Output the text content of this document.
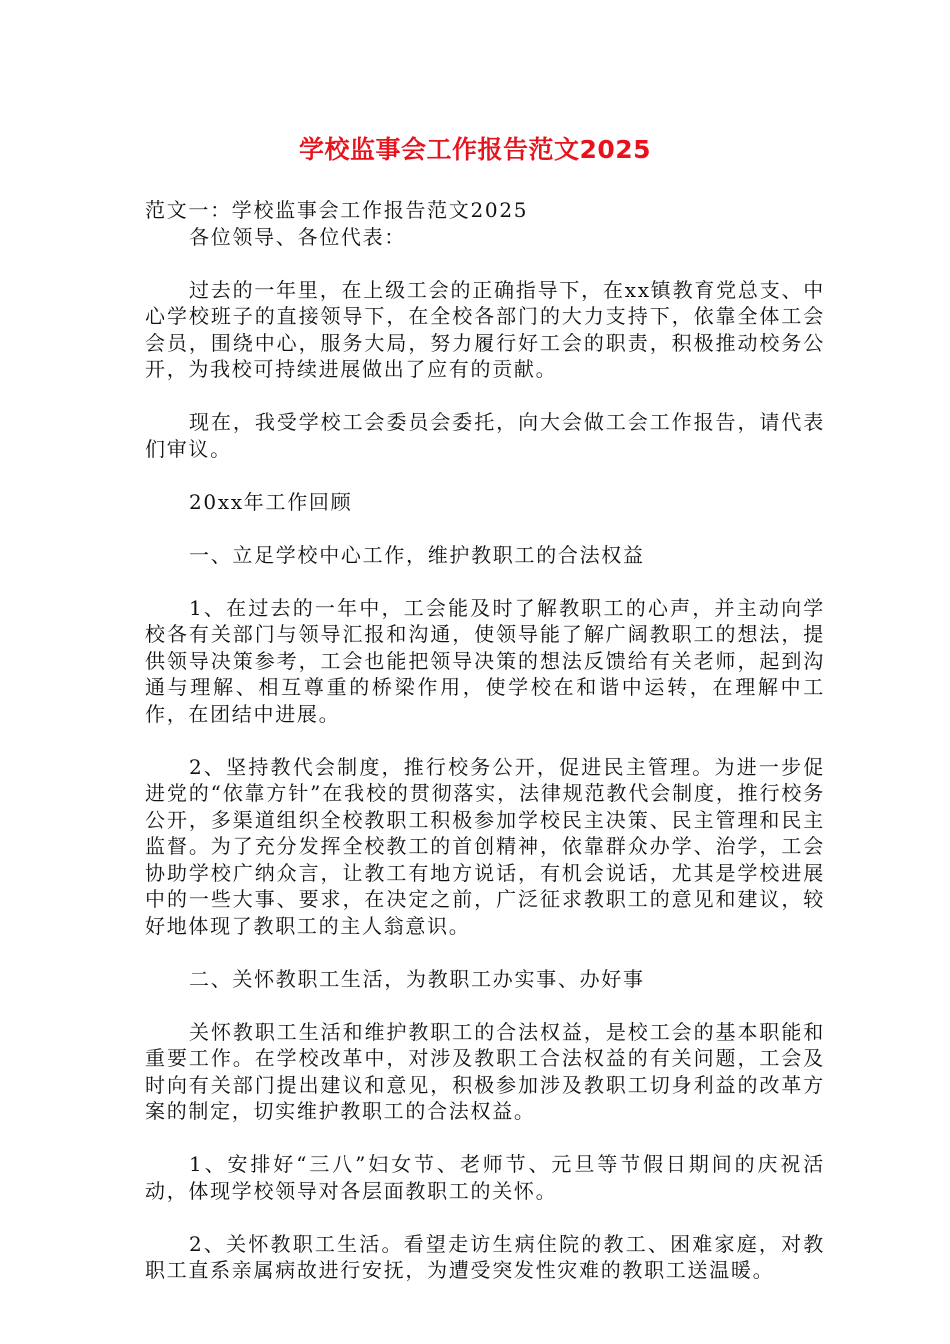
学校监事会工作报告范文2025

范文一：学校监事会工作报告范文2025

各位领导、各位代表：

过去的一年里，在上级工会的正确指导下，在xx镇教育党总支、中心学校班子的直接领导下，在全校各部门的大力支持下，依靠全体工会会员，围绕中心，服务大局，努力履行好工会的职责，积极推动校务公开，为我校可持续进展做出了应有的贡献。

现在，我受学校工会委员会委托，向大会做工会工作报告，请代表们审议。

20xx年工作回顾

一、立足学校中心工作，维护教职工的合法权益

1、在过去的一年中，工会能及时了解教职工的心声，并主动向学校各有关部门与领导汇报和沟通，使领导能了解广阔教职工的想法，提供领导决策参考，工会也能把领导决策的想法反馈给有关老师，起到沟通与理解、相互尊重的桥梁作用，使学校在和谐中运转，在理解中工作，在团结中进展。

2、坚持教代会制度，推行校务公开，促进民主管理。为进一步促进党的“依靠方针”在我校的贯彻落实，法律规范教代会制度，推行校务公开，多渠道组织全校教职工积极参加学校民主决策、民主管理和民主监督。为了充分发挥全校教工的首创精神，依靠群众办学、治学，工会协助学校广纳众言，让教工有地方说话，有机会说话，尤其是学校进展中的一些大事、要求，在决定之前，广泛征求教职工的意见和建议，较好地体现了教职工的主人翁意识。

二、关怀教职工生活，为教职工办实事、办好事

关怀教职工生活和维护教职工的合法权益，是校工会的基本职能和重要工作。在学校改革中，对涉及教职工合法权益的有关问题，工会及时向有关部门提出建议和意见，积极参加涉及教职工切身利益的改革方案的制定，切实维护教职工的合法权益。

1、安排好“三八”妇女节、老师节、元旦等节假日期间的庆祝活动，体现学校领导对各层面教职工的关怀。

2、关怀教职工生活。看望走访生病住院的教工、困难家庭，对教职工直系亲属病故进行安抚，为遭受突发性灾难的教职工送温暖。
